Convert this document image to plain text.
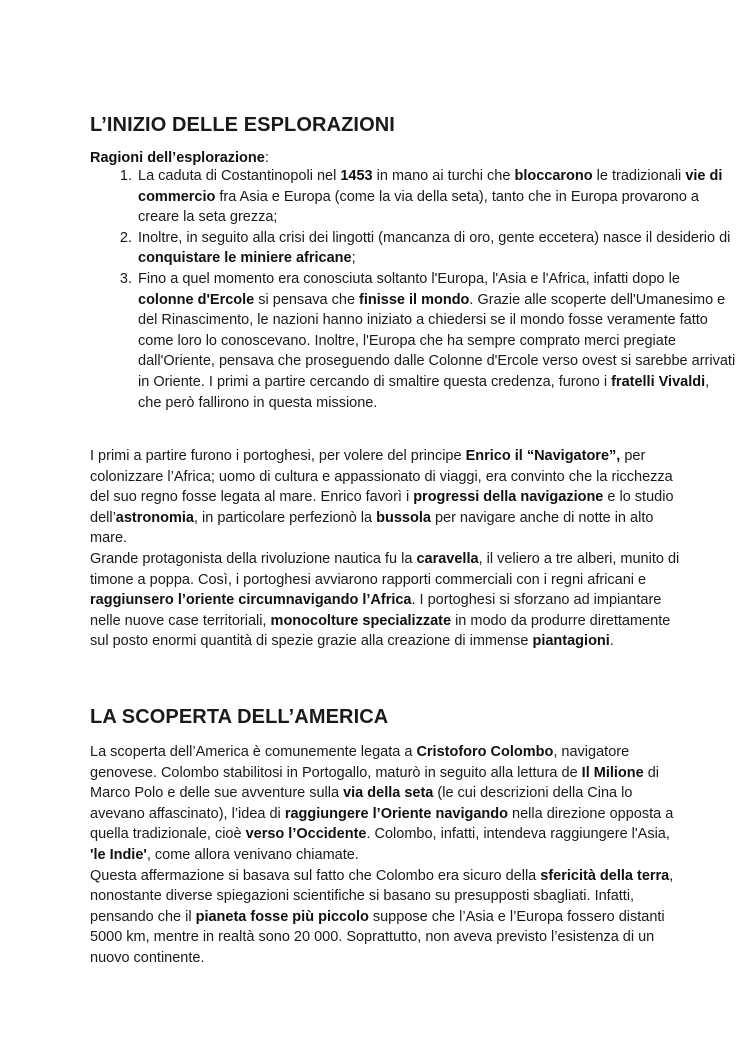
L’INIZIO DELLE ESPLORAZIONI

Ragioni dell’esplorazione:

1. La caduta di Costantinopoli nel 1453 in mano ai turchi che bloccarono le tradizionali vie di commercio fra Asia e Europa (come la via della seta), tanto che in Europa provarono a creare la seta grezza;
2. Inoltre, in seguito alla crisi dei lingotti (mancanza di oro, gente eccetera) nasce il desiderio di conquistare le miniere africane;
3. Fino a quel momento era conosciuta soltanto l'Europa, l'Asia e l'Africa, infatti dopo le colonne d'Ercole si pensava che finisse il mondo. Grazie alle scoperte dell'Umanesimo e del Rinascimento, le nazioni hanno iniziato a chiedersi se il mondo fosse veramente fatto come loro lo conoscevano. Inoltre, l'Europa che ha sempre comprato merci pregiate dall'Oriente, pensava che proseguendo dalle Colonne d'Ercole verso ovest si sarebbe arrivati in Oriente. I primi a partire cercando di smaltire questa credenza, furono i fratelli Vivaldi, che però fallirono in questa missione.

I primi a partire furono i portoghesi, per volere del principe Enrico il “Navigatore”, per colonizzare l’Africa; uomo di cultura e appassionato di viaggi, era convinto che la ricchezza del suo regno fosse legata al mare. Enrico favorì i progressi della navigazione e lo studio dell’astronomia, in particolare perfezionò la bussola per navigare anche di notte in alto mare.
Grande protagonista della rivoluzione nautica fu la caravella, il veliero a tre alberi, munito di timone a poppa. Così, i portoghesi avviarono rapporti commerciali con i regni africani e raggiunsero l’oriente circumnavigando l’Africa. I portoghesi si sforzano ad impiantare nelle nuove case territoriali, monocolture specializzate in modo da produrre direttamente sul posto enormi quantità di spezie grazie alla creazione di immense piantagioni.

LA SCOPERTA DELL’AMERICA

La scoperta dell’America è comunemente legata a Cristoforo Colombo, navigatore genovese. Colombo stabilitosi in Portogallo, maturò in seguito alla lettura de Il Milione di Marco Polo e delle sue avventure sulla via della seta (le cui descrizioni della Cina lo avevano affascinato), l’idea di raggiungere l’Oriente navigando nella direzione opposta a quella tradizionale, cioè verso l’Occidente. Colombo, infatti, intendeva raggiungere l'Asia, 'le Indie', come allora venivano chiamate.
Questa affermazione si basava sul fatto che Colombo era sicuro della sfericità della terra, nonostante diverse spiegazioni scientifiche si basano su presupposti sbagliati. Infatti, pensando che il pianeta fosse più piccolo suppose che l’Asia e l’Europa fossero distanti 5000 km, mentre in realtà sono 20 000. Soprattutto, non aveva previsto l’esistenza di un nuovo continente.
